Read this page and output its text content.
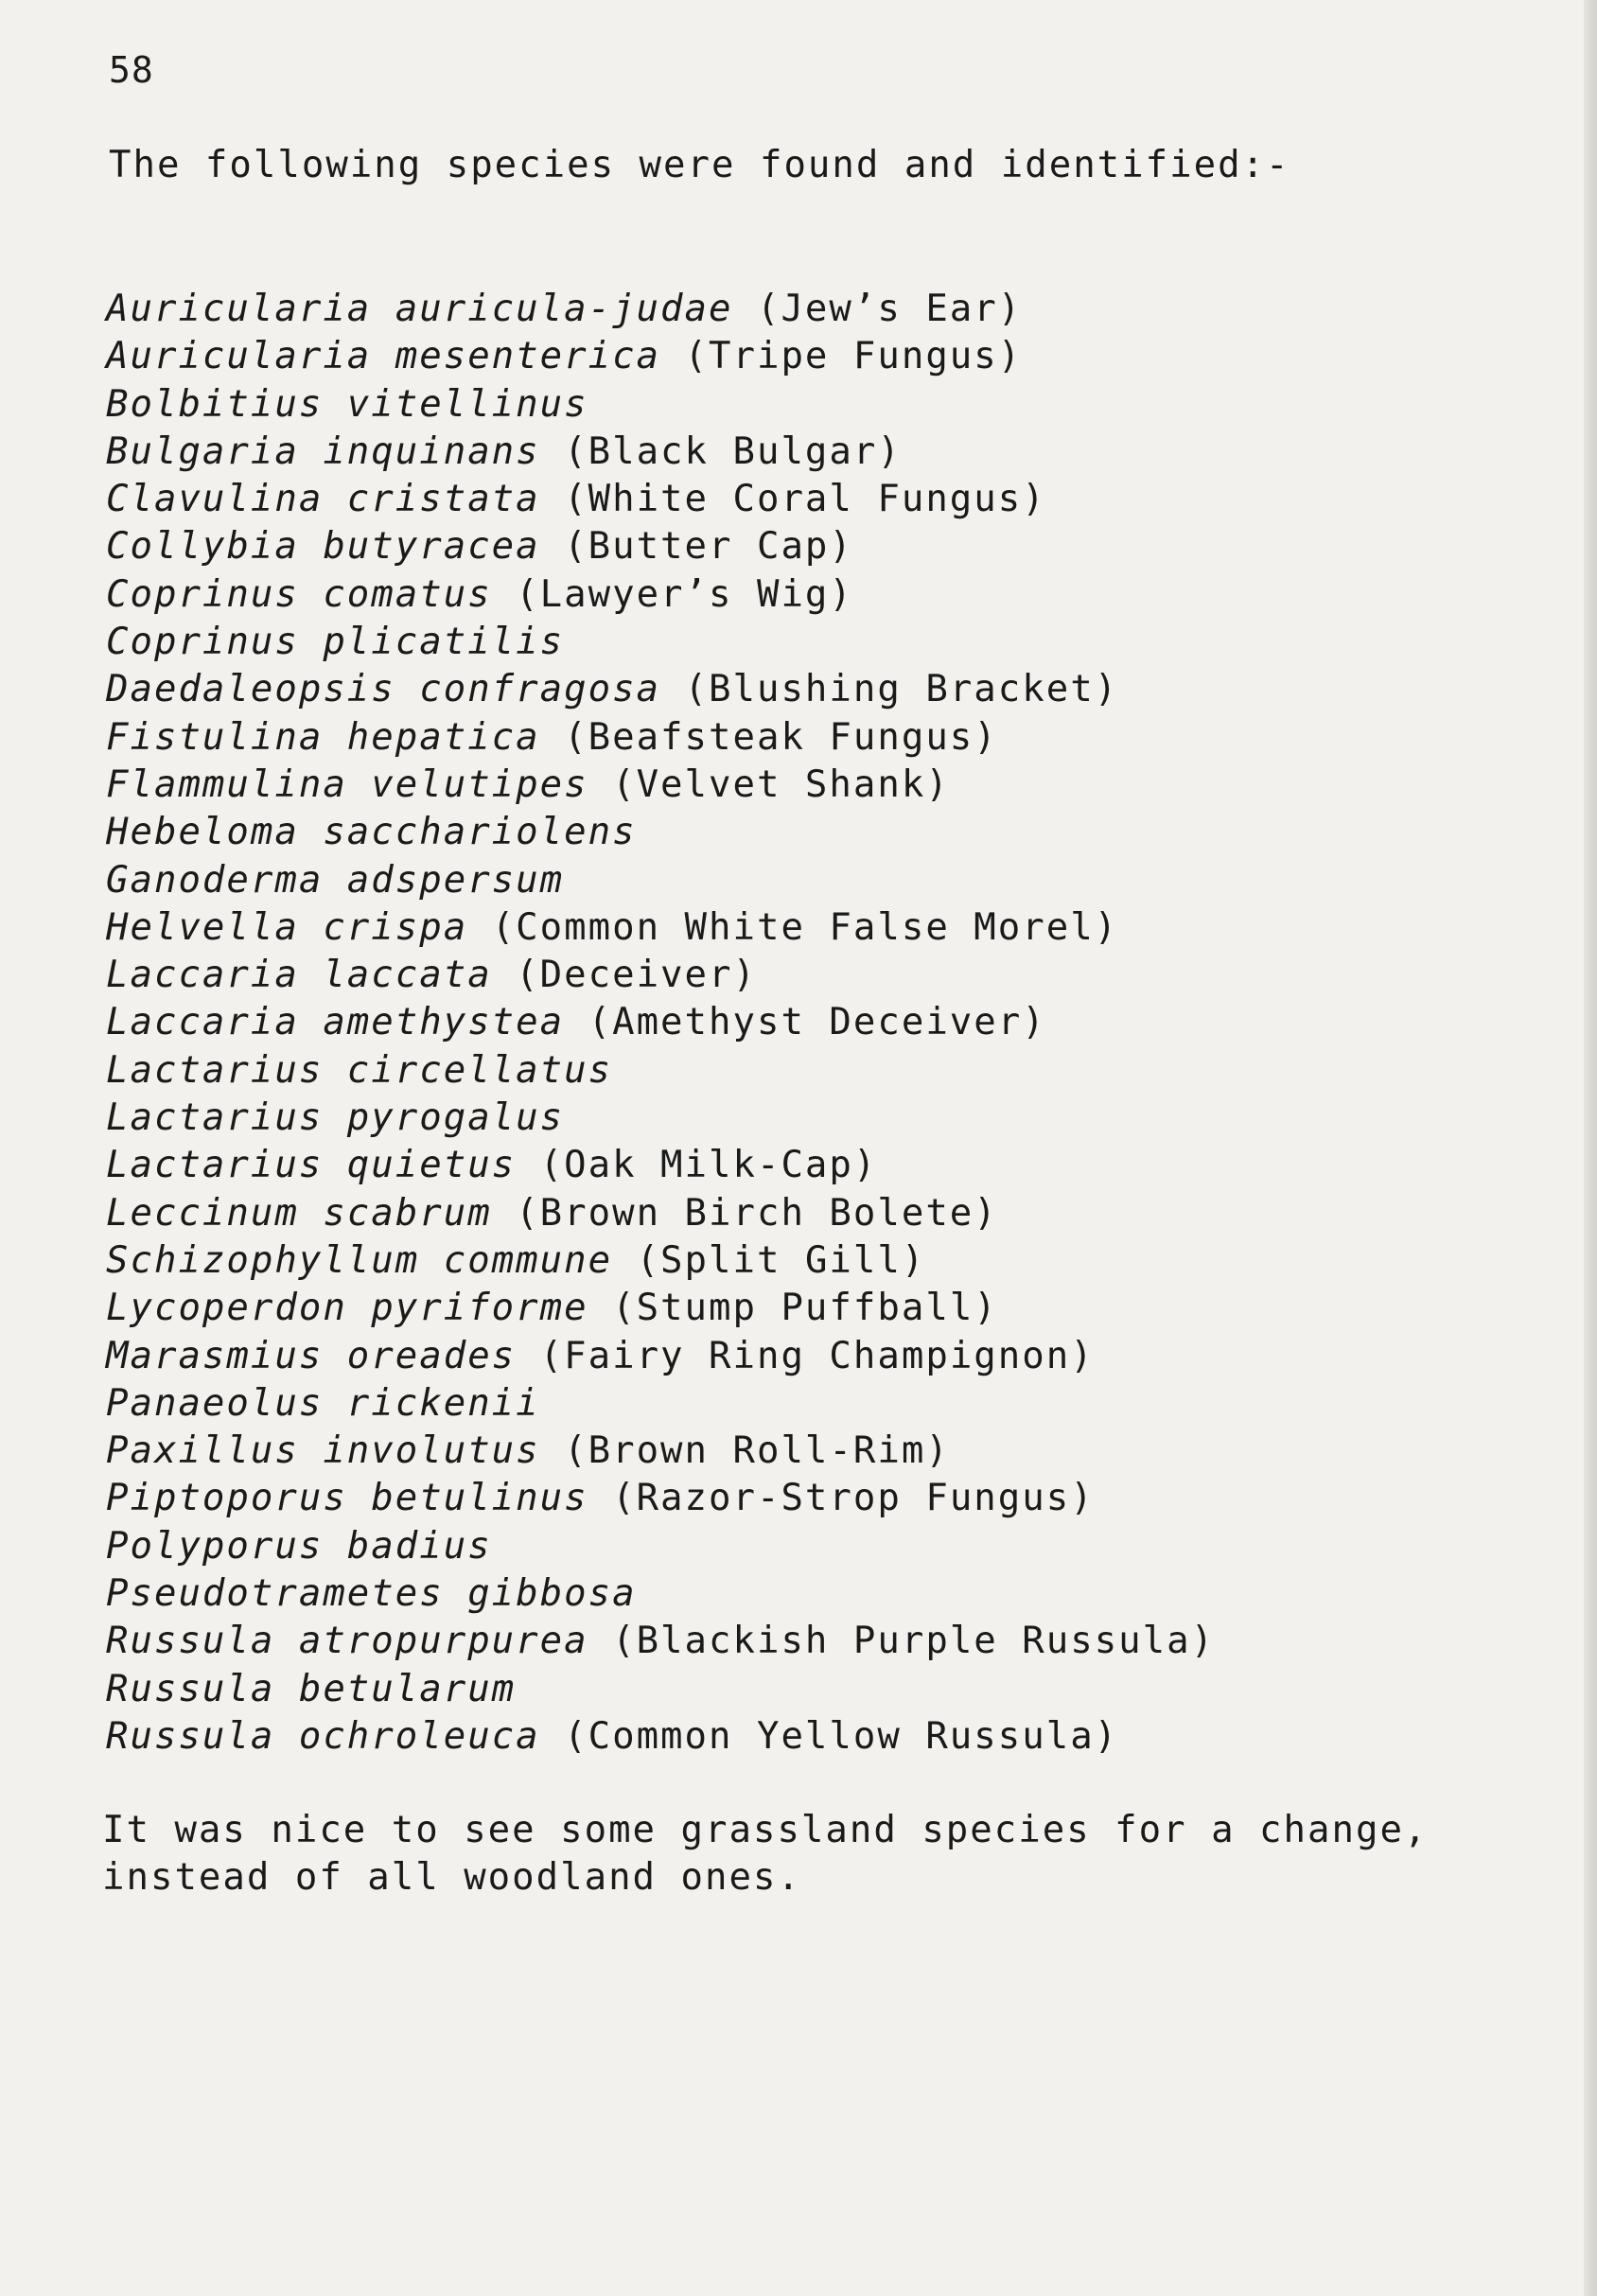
58

The following species were found and identified:-

Auricularia auricula-judae (Jew’s Ear)
Auricularia mesenterica (Tripe Fungus)
Bolbitius vitellinus
Bulgaria inquinans (Black Bulgar)
Clavulina cristata (White Coral Fungus)
Collybia butyracea (Butter Cap)
Coprinus comatus (Lawyer’s Wig)
Coprinus plicatilis
Daedaleopsis confragosa (Blushing Bracket)
Fistulina hepatica (Beafsteak Fungus)
Flammulina velutipes (Velvet Shank)
Hebeloma sacchariolens
Ganoderma adspersum
Helvella crispa (Common White False Morel)
Laccaria laccata (Deceiver)
Laccaria amethystea (Amethyst Deceiver)
Lactarius circellatus
Lactarius pyrogalus
Lactarius quietus (Oak Milk-Cap)
Leccinum scabrum (Brown Birch Bolete)
Schizophyllum commune (Split Gill)
Lycoperdon pyriforme (Stump Puffball)
Marasmius oreades (Fairy Ring Champignon)
Panaeolus rickenii
Paxillus involutus (Brown Roll-Rim)
Piptoporus betulinus (Razor-Strop Fungus)
Polyporus badius
Pseudotrametes gibbosa
Russula atropurpurea (Blackish Purple Russula)
Russula betularum
Russula ochroleuca (Common Yellow Russula)

It was nice to see some grassland species for a change, instead of all woodland ones.
